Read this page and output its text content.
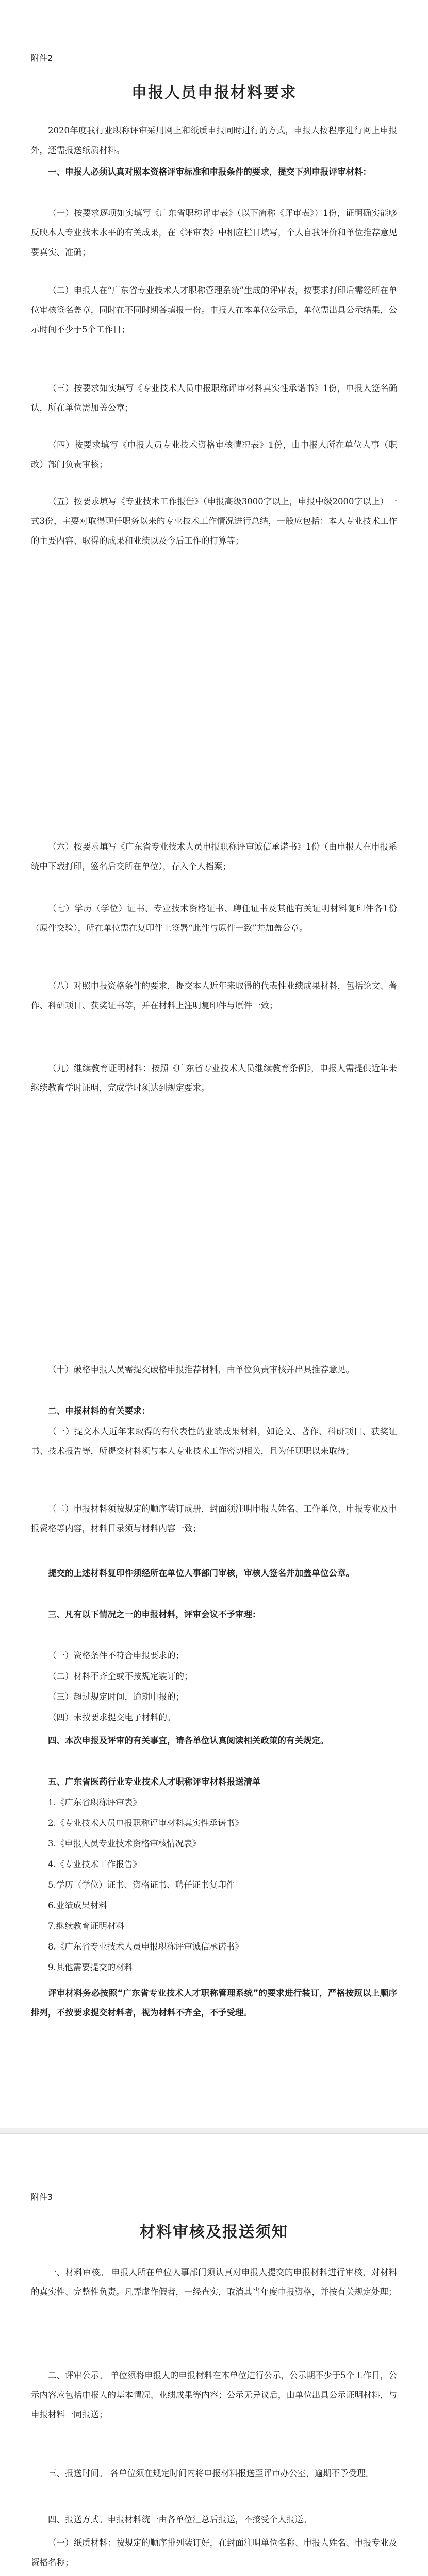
附件2
申报人员申报材料要求
2020年度我行业职称评审采用网上和纸质申报同时进行的方式，申报人按程序进行网上申报外，还需报送纸质材料。
一、申报人必须认真对照本资格评审标准和申报条件的要求，提交下列申报评审材料：
（一）按要求逐项如实填写《广东省职称评审表》（以下简称《评审表》）1份，证明确实能够反映本人专业技术水平的有关成果，在《评审表》中相应栏目填写，个人自我评价和单位推荐意见要真实、准确；
（二）申报人在“广东省专业技术人才职称管理系统”生成的评审表，按要求打印后需经所在单位审核签名盖章，同时在不同时期各填报一份。申报人在本单位公示后，单位需出具公示结果，公示时间不少于5个工作日；
（三）按要求如实填写《专业技术人员申报职称评审材料真实性承诺书》1份，申报人签名确认，所在单位需加盖公章；
（四）按要求填写《申报人员专业技术资格审核情况表》1份，由申报人所在单位人事（职改）部门负责审核；
（五）按要求填写《专业技术工作报告》（申报高级3000字以上，申报中级2000字以上）一式3份，主要对取得现任职务以来的专业技术工作情况进行总结，一般应包括：本人专业技术工作的主要内容、取得的成果和业绩以及今后工作的打算等；
（六）按要求填写《广东省专业技术人员申报职称评审诚信承诺书》1份（由申报人在申报系统中下载打印，签名后交所在单位），存入个人档案；
（七）学历（学位）证书、专业技术资格证书、聘任证书及其他有关证明材料复印件各1份（原件交验），所在单位需在复印件上签署“此件与原件一致”并加盖公章。
（八）对照申报资格条件的要求，提交本人近年来取得的代表性业绩成果材料，包括论文、著作、科研项目、获奖证书等，并在材料上注明复印件与原件一致；
（九）继续教育证明材料：按照《广东省专业技术人员继续教育条例》，申报人需提供近年来继续教育学时证明，完成学时须达到规定要求。
（十）破格申报人员需提交破格申报推荐材料，由单位负责审核并出具推荐意见。
二、申报材料的有关要求：
（一）提交本人近年来取得的有代表性的业绩成果材料，如论文、著作、科研项目、获奖证书、技术报告等，所提交材料须与本人专业技术工作密切相关，且为任现职以来取得；
（二）申报材料须按规定的顺序装订成册，封面须注明申报人姓名、工作单位、申报专业及申报资格等内容，材料目录须与材料内容一致；
提交的上述材料复印件须经所在单位人事部门审核，审核人签名并加盖单位公章。
三、凡有以下情况之一的申报材料，评审会议不予审理：
（一）资格条件不符合申报要求的；
（二）材料不齐全或不按规定装订的；
（三）超过规定时间，逾期申报的；
（四）未按要求提交电子材料的。
四、本次申报及评审的有关事宜，请各单位认真阅读相关政策的有关规定。
五、广东省医药行业专业技术人才职称评审材料报送清单
1.《广东省职称评审表》
2.《专业技术人员申报职称评审材料真实性承诺书》
3.《申报人员专业技术资格审核情况表》
4.《专业技术工作报告》
5.学历（学位）证书、资格证书、聘任证书复印件
6.业绩成果材料
7.继续教育证明材料
8.《广东省专业技术人员申报职称评审诚信承诺书》
9.其他需要提交的材料
评审材料务必按照“广东省专业技术人才职称管理系统”的要求进行装订，严格按照以上顺序排列，不按要求提交材料者，视为材料不齐全，不予受理。
附件3
材料审核及报送须知
一、材料审核。 申报人所在单位人事部门须认真对申报人提交的申报材料进行审核，对材料的真实性、完整性负责。凡弄虚作假者，一经查实，取消其当年度申报资格，并按有关规定处理；
二、评审公示。 单位须将申报人的申报材料在本单位进行公示，公示期不少于5个工作日，公示内容应包括申报人的基本情况、业绩成果等内容；公示无异议后，由单位出具公示证明材料，与申报材料一同报送；
三、报送时间。 各单位须在规定时间内将申报材料报送至评审办公室，逾期不予受理。
四、报送方式。申报材料统一由各单位汇总后报送，不接受个人报送。
（一）纸质材料：按规定的顺序排列装订好，在封面注明单位名称、申报人姓名、申报专业及资格名称；
